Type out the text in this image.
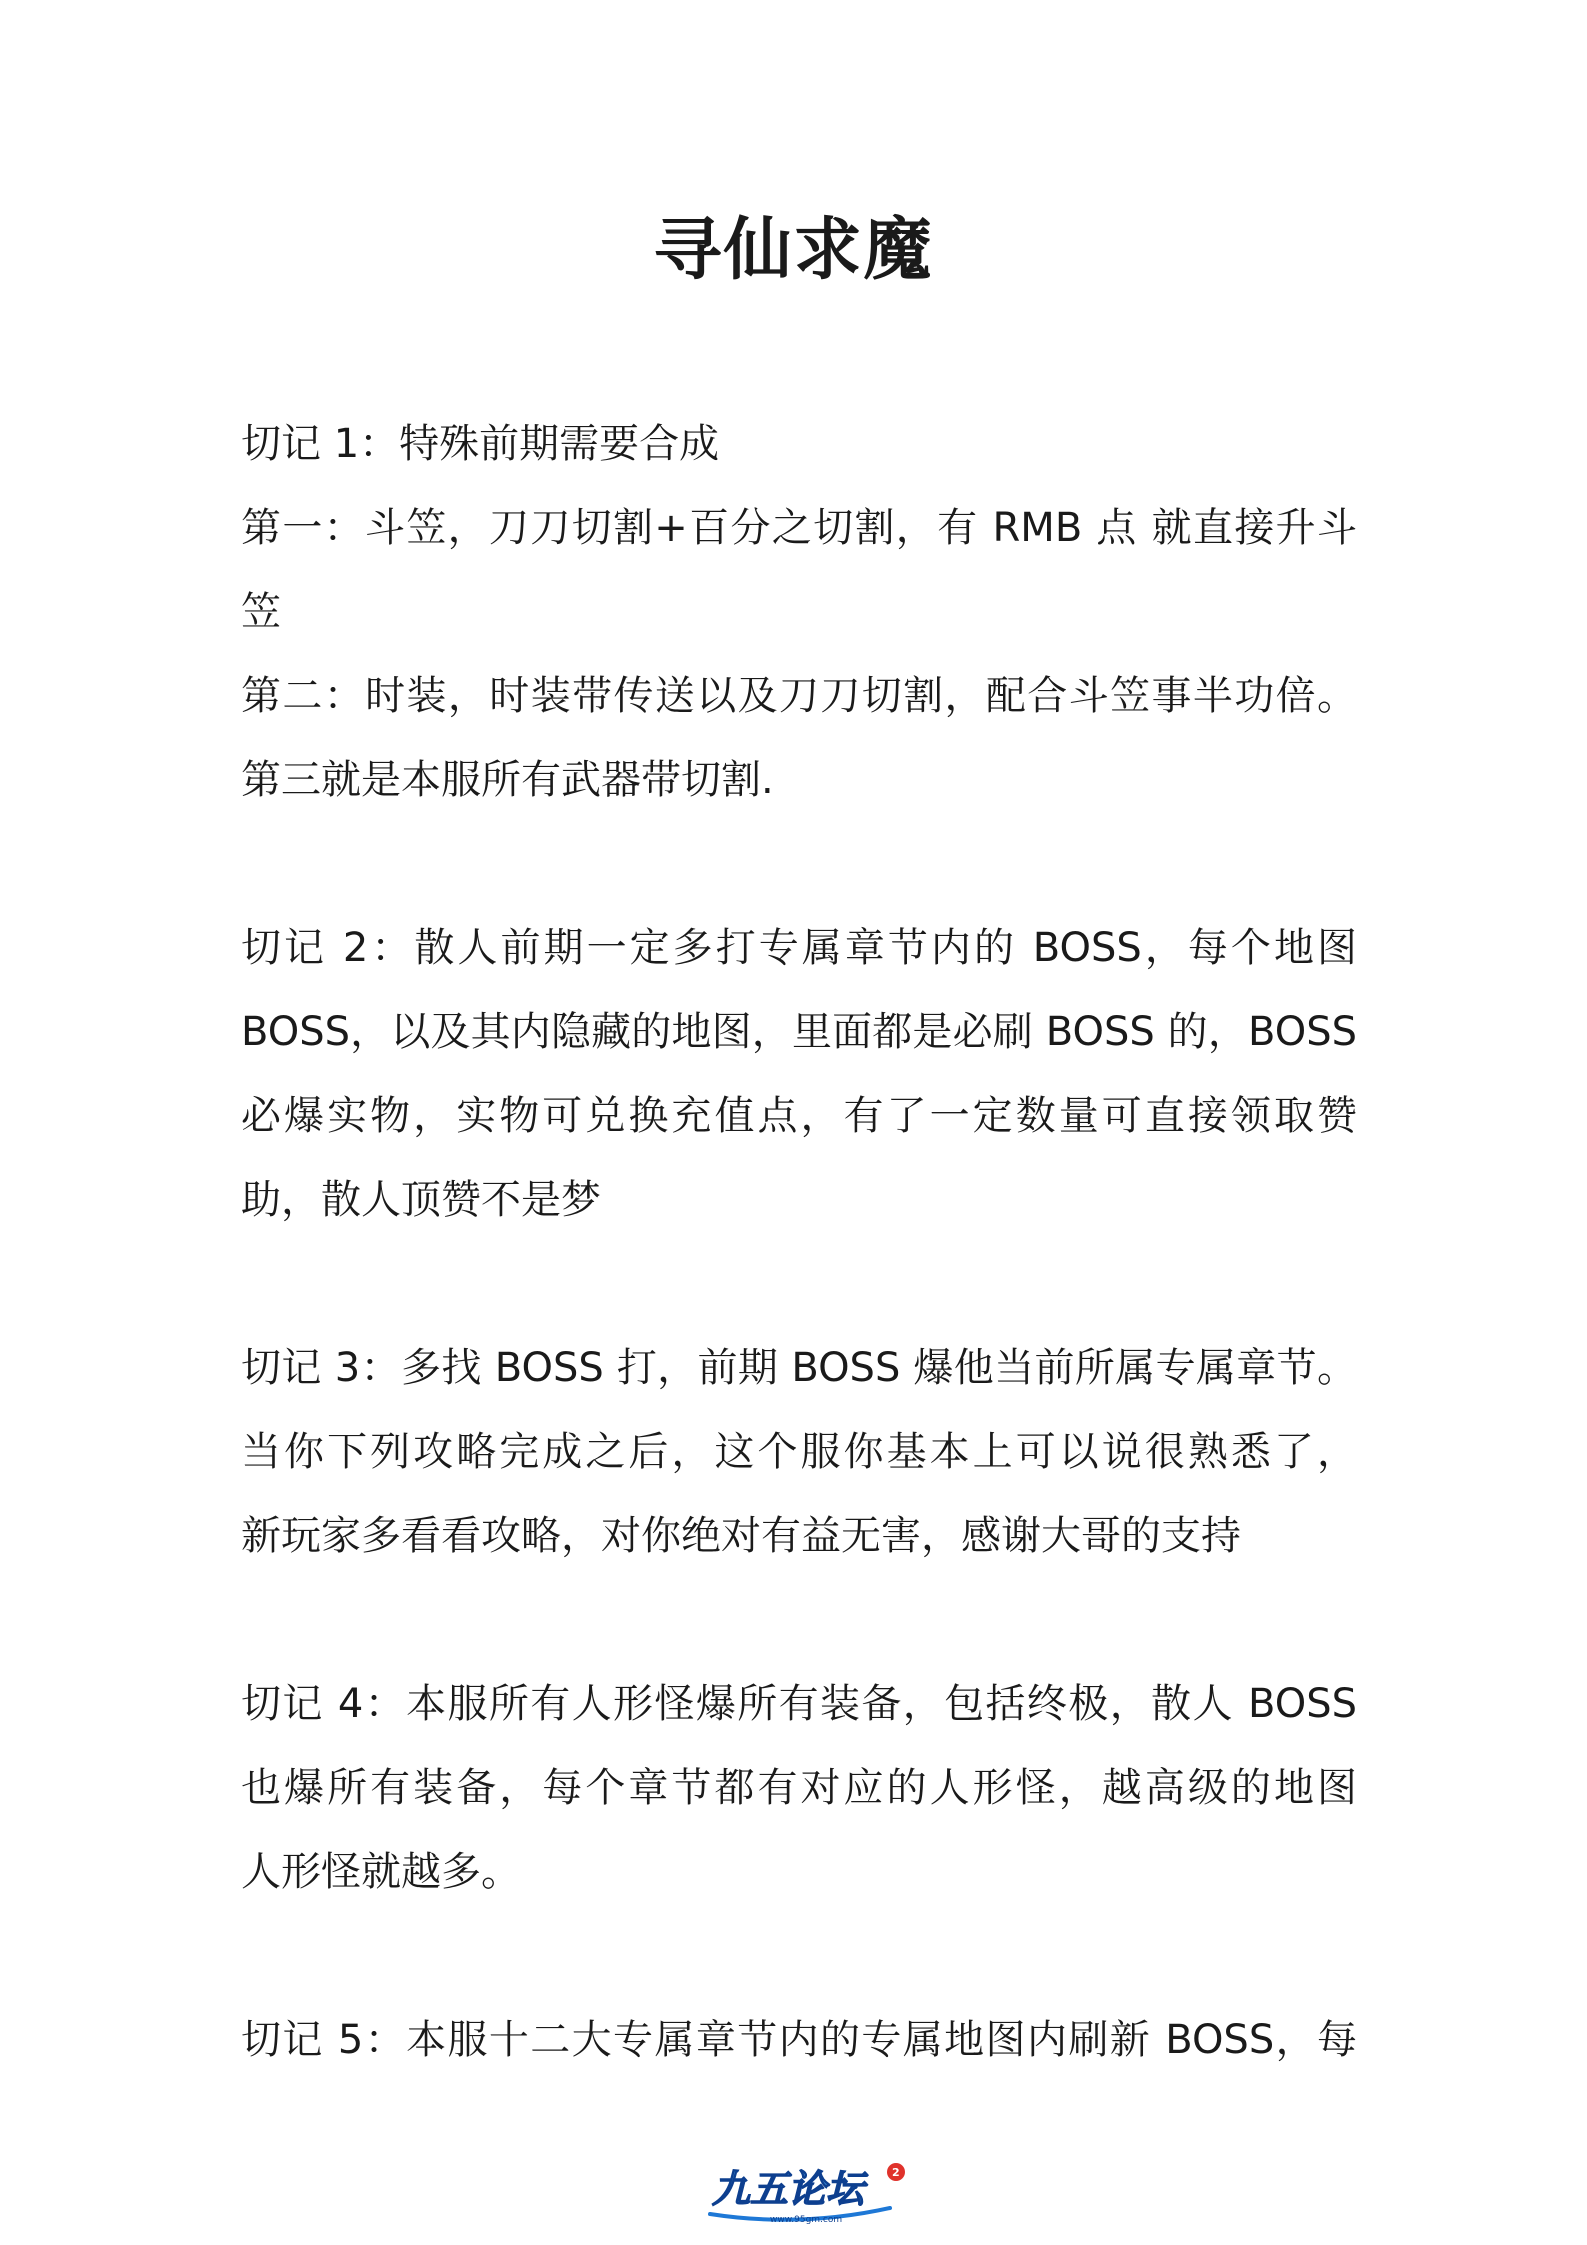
寻仙求魔
切记 1：特殊前期需要合成
第一：斗笠，刀刀切割+百分之切割，有 RMB 点 就直接升斗
笠
第二：时装，时装带传送以及刀刀切割，配合斗笠事半功倍。
第三就是本服所有武器带切割.
切记 2：散人前期一定多打专属章节内的 BOSS，每个地图
BOSS，以及其内隐藏的地图，里面都是必刷 BOSS 的，BOSS
必爆实物，实物可兑换充值点，有了一定数量可直接领取赞
助，散人顶赞不是梦
切记 3：多找 BOSS 打，前期 BOSS 爆他当前所属专属章节。
当你下列攻略完成之后，这个服你基本上可以说很熟悉了，
新玩家多看看攻略，对你绝对有益无害，感谢大哥的支持
切记 4：本服所有人形怪爆所有装备，包括终极，散人 BOSS
也爆所有装备，每个章节都有对应的人形怪，越高级的地图
人形怪就越多。
切记 5：本服十二大专属章节内的专属地图内刷新 BOSS，每
九五论坛
www.95gm.com
2
